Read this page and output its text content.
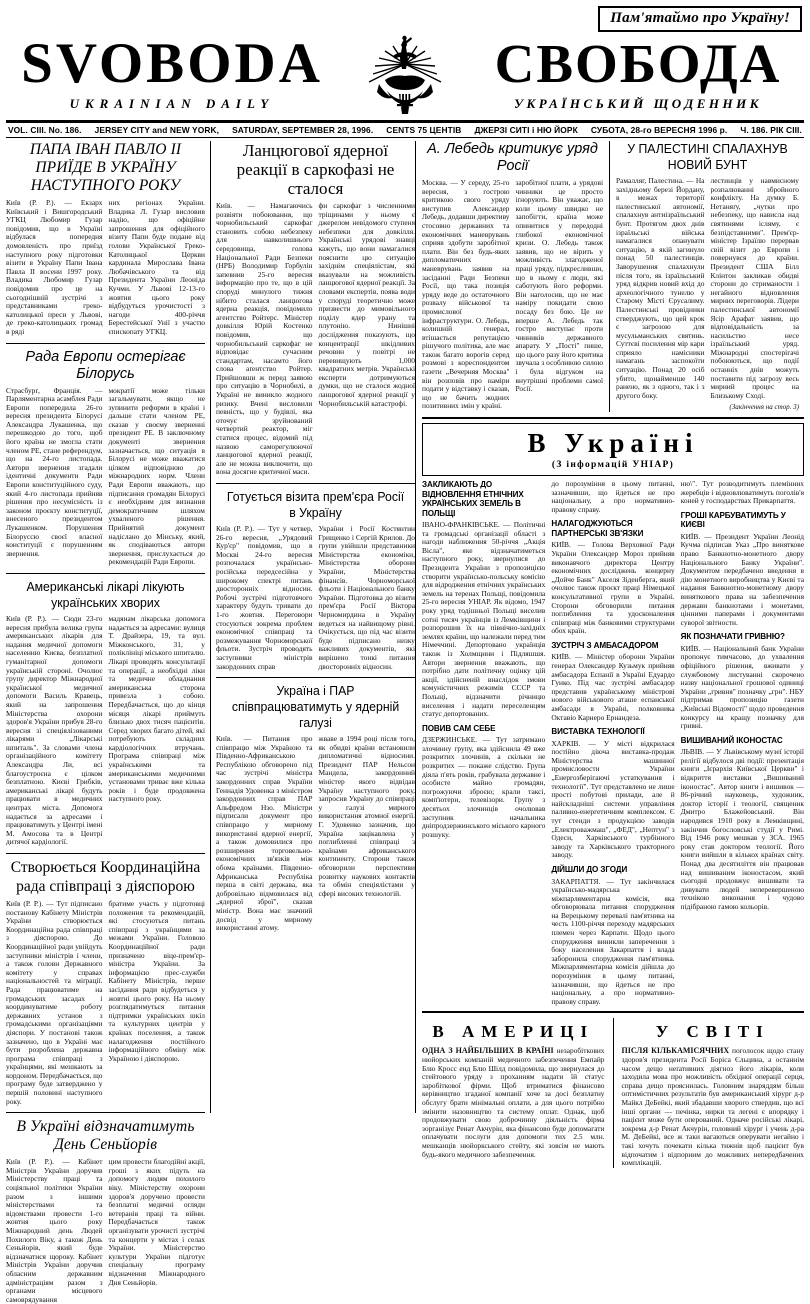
Пам'ятаймо про Україну!
SVOBODA
UKRAINIAN DAILY
СВОБОДА
УКРАЇНСЬКИЙ ЩОДЕННИК
VOL. CIII. No. 186. JERSEY CITY and NEW YORK, SATURDAY, SEPTEMBER 28, 1996. CENTS 75 ЦЕНТІВ ДЖЕРЗІ СИТІ і НЮ ЙОРК СУБОТА, 28-го ВЕРЕСНЯ 1996 р. Ч. 186. РІК CIII.
ПАПА ІВАН ПАВЛО II ПРИЇДЕ В УКРАЇНУ НАСТУПНОГО РОКУ
Київ (Р. Р.). — Екзарх Київський і Вишгородський УГКЦ Любомир Гузар повідомив, що в Україні відбулася попередня домовленість про приїзд наступного року підготовки візити в Україну Папи Івана Павла II восени 1997 року. Владика Любомир Гузар повідомив про це на сьогоднішній зустрічі з представниками греко-католицької преси у Львові, де греко-католицьких громад в ряді
них регіонах України. Владика Л. Гузар висловив надію, що офіційне запрошення для офіційного візиту Папи буде подане від голови Української Греко-Католицької Церкви кардинала Мирослава Івана Любачівського та від Президента України Леоніда Кучми. У Львові 12-13-го жовтня цього року відбудуться урочистості з нагоди 400-річчя Берестейської Унії з участю єпископату УГКЦ.
Рада Европи остерігає Білорусь
Страсбурґ, Франція. — Парляментарна асамблея Ради Европи попередила 26-го вересня президента Білорусі Александра Лукашенка, що перешкодою до того, щоб його країна не змогла стати членом РЕ, стане референдум, що на 24-го листопада. Автори звернення згадали ідентичні документи Ради Европи конституційного суду, який 4-го листопада прийняв рішення про несумісність із законом проєкту конституції, внесеного президентом Лукашенком. Порушення Білоруссю своєї власної конституції є порушенням звернення.
мократії може тільки загальмувати, якщо не зупинити реформи в країні і дальше стати членом РЕ, сказав у своєму зверненні президент РЕ. В заключному документі звернення зазначається, що ситуація в Білорусі не може вважатися цілком відповідною до міжнародних норм. Члени Ради Европи вважають, що підписання громадян Білорусі є необхідним для визнання демократичним шляхом ухваленого рішення. Прийнятий документ надіслано до Мінську, який, як сподіваються автори звернення, прислухається до рекомендацій Ради Европи.
Американські лікарі лікують українських хворих
Київ (Р. Р.). — Сюди 23-го вересня прибула велика група американських лікарів для надання медичної допомоги населенню Києва, безплатної гуманітарної допомоги українській стороні. Очолює групу директор Міжнародної української медичної допомоги Василь Кравець, який на запрошення Міністерства охорони здоров'я України прибув 28-го вересня зі спеціялізованими лікарями „Лікарські шпиталь". За словами члена організаційного комітету Александра Ли, всі благоустроєна є цілком безплатною. Києві Грибків, американські лікарі будуть працювати в медичних центрах міста. Допомога надається за адресами і працюватимуть у Центрі імені М. Амосова та в Центрі дитячої кардіології.
мадянам лікарська допомога надається за адресами: вулиця Т. Драйзера, 19, та вул. Міжконського, 31, у поліклініці міського шпиталю. Лікарі проводять консультації та операції, а необхідні ліки та медичне обладнання американська сторона привезла з собою. Передбачається, що до кінця місяця лікарі приймуть близько двох тисяч пацієнтів. Серед хворих багато дітей, які потребують складних кардіологічних втручань. Програма співпраці між українськими та американськими медичними установами триває вже кілька років і буде продовжена наступного року.
Створюється Координаційна рада співпраці з діяспорою
Київ (Р. Р.). — Тут підписано постанову Кабінету Міністрів України створюється Координаційна рада співпраці з діяспорою. До Координаційної ради увійдуть заступники міністрів і члени, а також голови Державного комітету у справах національностей та міґрації. Рада працюватиме на громадських засадах і координуватиме роботу державних установ з громадськими організаціями діяспори. У постанові також зазначено, що в Україні має бути розроблена державна програма співпраці з українцями, які мешкають за кордоном. Передбачається, що програму буде затверджено у першій половині наступного року.
братиме участь у підготовці положення та рекомендацій, які стосуються питань співпраці з українцями за межами України. Головою Координаційної ради призначено віце-прем'єр-міністра України. За інформацією прес-служби Кабінету Міністрів, перше засідання ради відбудеться у жовтні цього року. На ньому розглядатимуться питання підтримки українських шкіл та культурних центрів у країнах поселення, а також налагодження постійного інформаційного обміну між Україною і діяспорою.
В Україні відзначатимуть День Сеньйорів
Київ (Р. Р.). — Кабінет Міністрів України доручив Міністерству праці та соціяльної політики України разом з іншими міністерствами та відомствами провести 1-го жовтня цього року Міжнародний день Людей Похилого Віку, а також День Сеньйорів, який буде відзначатися щороку. Кабінет Міністрів України доручив обласним державним адміністраціям разом з органами місцевого самоврядування
цим провести благодійні акції, гроші з яких підуть на допомогу людям похилого віку. Міністерству охорони здоров'я доручено провести безплатні медичні огляди ветеранів праці та війни. Передбачається також організувати урочисті зустрічі та концерти у містах і селах України. Міністерство культури України підготує спеціальну програму відзначення Міжнародного Дня Сеньйорів.
Ланцюгової ядерної реакції в саркофазі не сталося
Київ. — Намагаючись розвіяти побоювання, що чорнобильський саркофаг становить собою небезпеку для навколишнього середовища, голова Національної Ради Безпеки (НРБ) Володимир Горбулін запевнив 25-го вересня інформацію про те, що в цій споруді минулого тижня нібито сталася ланцюгова ядерна реакція, повідомило агентство Ройтерс. Міністер довкілля Юрій Костенко повідомив, що чорнобильський саркофаг не відповідає сучасним стандартам, насамто його слова аґентство Ройтер. Прийшовши ж перед заявою про ситуацію в Чорнобилі, в Україні не виникло жодного ризику. Вчені висловили певність, що у будівлі, яка оточує зруйнований четвертий реактор, міг статися процес, відомий під назвою саморегулюючої ланцюгової ядерної реакції, але не можна виключити, що вона досягне критичної маси.
фи саркофаг з численними тріщинами у ньому є джерелом невідомого ступеня небезпеки для довкілля. Українські урядові знавці кажуть, що вони намагалися пояснити цю ситуацію західнім спеціялістам, які вказували на можливість ланцюгової ядерної реакції. За словами експертів, поява води у споруді теоретично може призвести до мимовільного поділу ядер урану та плутонію. Нинішні дослідження показують, що концентрації шкідливих речовин у повітрі не перевищують 1,000 квадратних метрів. Українські експерти дотримуються думки, що не сталося жодної ланцюгової ядерної реакції у Чорнобильській катастрофі.
Готується візита прем'єра Росії в Україну
Київ (Р. Р.). — Тут у четвер, 26-го вересня, „Урядовий Кур'єр" повідомив, що в Москві 24-го вересня розпочалася українсько-російська передсесійна у широкому спектрі питань двосторонніх відносин. Робочі зустрічі підготовчого характеру будуть тривати до 1-го жовтня. Переговори стосуються зокрема проблем економічної співпраці та розмежування Чорноморської фльоти. Зустріч проводять заступники міністрів закордонних справ
України і Росії Костянтин Грищенко і Сергій Крилов. До групи увійшли представники Міністерства економіки, Міністерства оборони України, Міністерства фінансів. Чорноморської фльоти і Національного банку України. Підготовка до візити прем'єра Росії Віктора Черномирдина в Україну ведеться на найвищому рівні. Очікується, що під час візити буде підписано низку важливих документів, які вирішено тонкі питання двосторонніх відносин.
Україна і ПАР співпрацюватимуть у ядерній галузі
Київ. — Питання про співпрацю між Україною та Південно-Африканською Республікою обговорено під час зустрічі міністра закордонних справ України Геннадія Удовенка з міністром закордонних справ ПАР Альфредом Нзо. Міністри підписали документ про співпрацю у мирному використанні ядерної енергії, а також домовилися про розширення торговельно-економічних зв'язків між обома країнами. Південно-Африканська Республіка перша в світі держава, яка добровільно відмовилася від „ядерної зброї", сказав міністр. Вона має значний досвід у мирному використанні атому.
жваве в 1994 році після того, як обидві країни встановили дипломатичні відносини. Президент ПАР Нельсон Мандела, закордонний міністер якого відвідав Україну наступного року, запросив Україну до співпраці у галузі мирного використання атомної енергії. Г. Удовенко зазначив, що Україна зацікавлена у поглибленні співпраці з країнами африканського континенту. Сторони також обговорили перспективи розвитку наукових контактів та обмін спеціялістами у сфері високих технологій.
А. Лебедь критикує уряд Росії
Москва. — У середу, 25-го вересня, з гострою критикою свого уряду виступив Александер Лебедь, додавши директиву стосовно державних та економічних маневрувань сприяв здобути заробітної плати. Він без будь-яких дипломатичних маневрувань заявив на засіданні Ради Безпеки Росії, що така позиція уряду веде до остаточного розвалу військової та промислової інфраструктури. О. Лебедь, колишній генерал, втішається репутацією рішучого політика, але має також багато ворогів серед розмові з кореспондентом газети „Вечерняя Москва" він розповів про наміри подати у відставку і сказав, що не бачить жодних позитивних змін у країні.
заробітної плати, а урядові чинники це просто іґнорують. Він уважає, що коли цьому швидко не запобігти, країна може опинитися у передодні глибокої економічної кризи. О. Лебедь також заявив, що не вірить у можливість злагодженої праці уряду, підкресливши, що в ньому є люди, які саботують його реформи. Він наголосив, що не має наміру покидати свою посаду без бою. Це не вперше А. Лебедь так гостро виступає проти чинників державного апарату. У „Пості" пише, що цього разу його критика звучала з особливою силою і була відгуком на внутрішні проблеми самої Росії.
У ПАЛЕСТИНІ СПАЛАХНУВ НОВИЙ БУНТ
Рамалляг, Палестина. — На західньому березі Йордану, в межах території палестинської автономії, спалахнув антиізраїльський бунт. Протягом двох днів ізраїльські війська намагалися опанувати ситуацію, в якій загинуло понад 50 палестинців. Заворушення спалахнули після того, як ізраїльський уряд відкрив новий вхід до археологічного тунелю у Старому Місті Єрусалиму. Палестинські провідники стверджують, що цей крок є загрозою для мусульманських святинь. Суттєві посилення мір кари сприяло намісники намагань заспокоїти ситуацію. Понад 20 осіб убито, щонайменше 140 ранено, як з одного, так і з другого боку.
лестинців у навмисному розпалюванні збройного конфлікту. На думку Б. Нетаняґу, „чутки про небезпеку, що нависла над святинями ісляму, є безпідставними". Прем'єр-міністер Ізраїлю перервав свій візит до Европи і повернувся до країни. Президент США Білл Клінтон закликав обидві сторони до стриманости і негайного відновлення мирних переговорів. Лідери палестинської автономії Ясір Арафат заявив, що відповідальність за насильство несе ізраїльський уряд. Міжнародні спостерігачі побоюються, що події останніх днів можуть поставити під загрозу весь мирний процес на Близькому Сході.
(Закінчення на стор. 3)
В Україні
(З інформацій УНІАР)
ЗАКЛИКАЮТЬ ДО ВІДНОВЛЕННЯ ЕТНІЧНИХ УКРАЇНСЬКИХ ЗЕМЕЛЬ В ПОЛЬЩІ
ІВАНО-ФРАНКІВСЬКЕ. — Політичні та громадські організації області з нагоди наближення 50-річчя „Акція Вісла", яке відзначатиметься наступного року, звернулися до Президента України з пропозицією створити українсько-польську комісію для відродження етнічних українських земель на теренах Польщі, повідомила 25-го вересня УНІАР. Як відомо, 1947 року уряд тодішньої Польщі виселив сотні тисяч українців із Лемківщини і розпорошив їх на північно-західніх землях країни, що належали перед тим Німеччині. Депортовано українців також із Холмщини і Підляшшя. Автори звернення вважають, що потрібно дати політичну оцінку цій акції, здійсненій внаслідок змови комуністичних режимів СССР та Польщі, відзначити річницю виселення і надати переселенцям статус депортованих.
ПОВИВ САМ СЕБЕ
ДЗЕРЖИНСЬКЕ. — Тут затримано злочинну групу, яка здійснила 49 вже розкритих злочинів, а скільки не розкритих — покаже слідство. Група діяла п'ять років, грабувала державне і особисте майно громадян, погрожуючи зброєю; крали таксі, комп'ютери, телевізори. Групу з десятьох злочинців очолював заступник начальника дніпродзержинського міського карного розшуку.
до порозуміння в цьому питанні, зазначивши, що йдеться не про національну, а про нормативно-правову справу.
НАЛАГОДЖУЮТЬСЯ ПАРТНЕРСЬКІ ЗВ'ЯЗКИ
КИЇВ. — Голова Верховної Ради України Олександер Мороз прийняв виконавчого директора Центру економічних досліджень концерну „Дойче Банк" Акселя Зіденберга, який очолює також проєкт праці Німецької консультативної групи в Україні. Сторони обговорили питання поглиблення та удосконалення співпраці між банковими структурами обох країн.
ЗУСТРІЧ З АМБАСАДОРОМ
КИЇВ. — Міністер оборони України генерал Олександер Кузьмук прийняв амбасадора Еспанії в Україні Едуардо Гунко. Під час зустрічі амбасадор представив українському міністрові нового військового аташе еспанської амбасади в Україні, полковника Октавіо Карнеро Ернандеза.
ВИСТАВКА ТЕХНОЛОГІЇ
ХАРКІВ. — У місті відкрилася постійно діюча виставка-продаж Міністерства машинної промисловости України „Енергозберігаючі устаткування і технології". Тут представлено не лише прості побутові прилади, але й найскладніші системи управління паливно-енергетичним комплексом. Є тут стенди з продукцією заводів „Електроважмаш", „ФЕД", „Нептун" з Одеси, Харківського турбінного заводу та Харківського тракторного заводу.
ДІЙШЛИ ДО ЗГОДИ
ЗАКАРПАТТЯ. — Тут закінчилася українсько-мадярська міжпарляментарна комісія, яка обговорювала питання спорудження на Верецькому перевалі пам'ятника на честь 1100-річчя переходу мадярських племен через Карпати. Щодо цього спорудження виникли заперечення з боку населення Закарпаття і влада заборонила спорудження пам'ятника. Міжпарляментарна комісія дійшла до порозуміння в цьому питанні, зазначивши, що йдеться не про національну, а про нормативно-правову справу.
ню\". Тут розводитимуть племінних жеребців і відновлюватимуть поголів'я коней у господарствах Прикарпаття.
ГРОШІ КАРБУВАТИМУТЬ У КИЄВІ
КИЇВ. — Президент України Леонід Кучма підписав Указ „Про виняткове право Банкнотно-монетного двору Національного Банку України". Документом передбачено введення в дію монетного виробництва у Києві та надання Банкнотно-монетному двору виняткового права на забезпечення держави банкнотами і монетами, цінними паперами і документами суворої звітности.
ЯК ПОЗНАЧАТИ ГРИВНЮ?
КИЇВ. — Національний банк України пропонує тимчасово, до ухвалення офіційного рішення, вживати у службовому листуванні скорочено назву національної грошової одиниці України „гривня" позначку „грн". НБУ підтримав пропозицію газети „Київські Відомості" щодо проведення конкурсу на кращу позначку для гривні.
ВИШИВАНИЙ ІКОНОСТАС
ЛЬВІВ. — У Львівському музеї історії релігії відбулося дві події: презентація книги „Ієрархія Київської Церкви" і відкриття виставки „Вишиваний іконостас". Автор книги і вишивок — 86-річний науковець, художник, доктор історії і теології, священик Дмитро Блажейовський. Він народився 1910 року в Лемківщині, закінчив богословські студії у Римі. Від 1946 року мешкав у ЗСА. 1965 року став доктором теології. Його книги вийшли в кількох країнах світу. Понад два десятиліття він працював над вишиваним іконостасом, який сьогодні продовжує вишивати та дивувати людей неперевершеною технікою виконання і чудово підібраною гамою кольорів.
В АМЕРИЦІ
ОДНА З НАЙБІЛЬШИХ В КРАЇНІ незаробіткових нюйорських компаній медичного забезпечення Емпайр Блю Кросс енд Блю Шілд повідомила, що звернулася до стейтового уряду з проханням надати їй статус заробіткової фірми. Щоб втриматися фінансово керівництво згаданої компанії хоче за досі безплатну обслугу брати мінімальні оплати, а для цього потрібно змінити назовництво та систему оплат. Однак, щоб продовжувати свою доброчинну діяльність фірма зорганізує Ренат Акчурін, яка фінансово буде допомагати оплачувати послуги для допомоги тих 2.5 млн. мешканців нюйоркського стейту, які зовсім не мають будь-якого медичного забезпечення.
У СВІТІ
ПІСЛЯ КІЛЬКАМІСЯЧНИХ поголосок щодо стану здоров'я президента Росії Боріса Єльцина, а останнім часом дещо неґативних діягноз його лікарів, коли заходила мова про можливість обхідної операції серця, справа дещо прояснилась. Головним знаряддям більш оптимістичних результатів був американський хірург д-р Майкл ДеБейкі, який збадавши хворого ствердив, що всі інші органи — печінка, нирки та легені є впорядку і пацієнт може бути оперований. Одначе російські лікарі, зокрема д-р Ренат Акчурін, головний хірург і учень д-ра М. ДеБейкі, все ж таки вагаються оперувати негайно і такі хочуть почекати кілька тижнів щоб пацієнт був відпочатим і відпорним до можливих непередбачених комплікацій.
